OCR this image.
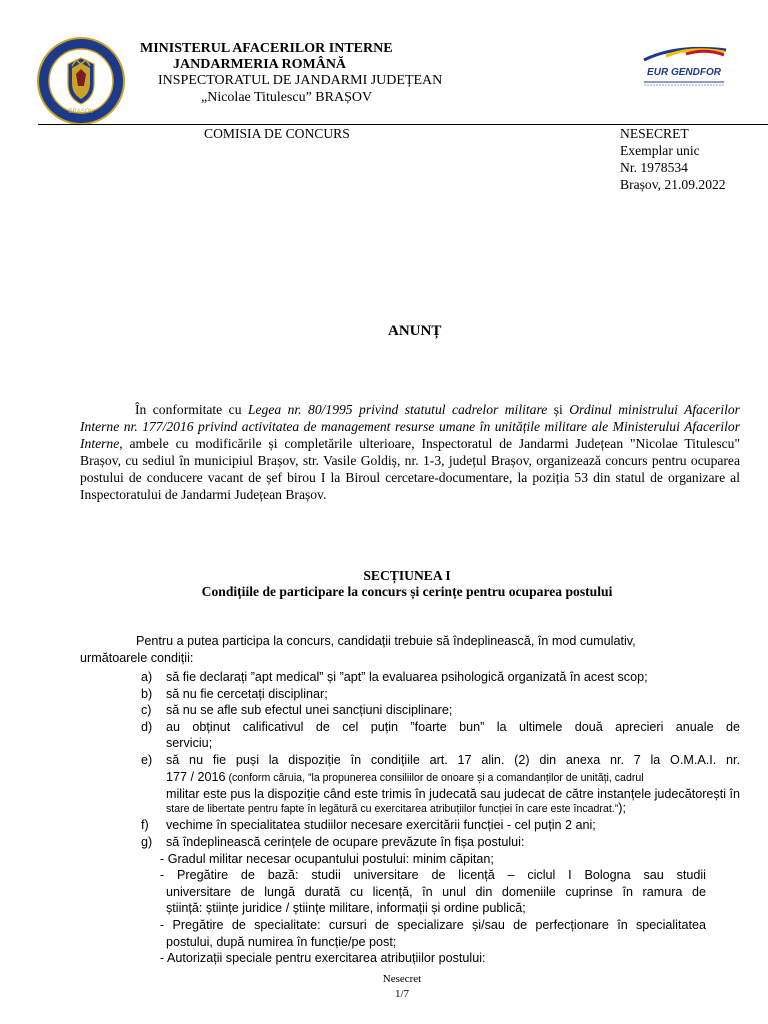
BRAȘOV
MINISTERUL AFACERILOR INTERNE
JANDARMERIA ROMÂNĂ
INSPECTORATUL DE JANDARMI JUDEȚEAN
„Nicolae Titulescu” BRAȘOV
EUR GENDFOR
COMISIA DE CONCURS	NESECRET
Exemplar unic
Nr. 1978534
Brașov, 21.09.2022
ANUNȚ
În conformitate cu Legea nr. 80/1995 privind statutul cadrelor militare și Ordinul ministrului Afacerilor Interne nr. 177/2016 privind activitatea de management resurse umane în unitățile militare ale Ministerului Afacerilor Interne, ambele cu modificările și completările ulterioare, Inspectoratul de Jandarmi Județean "Nicolae Titulescu" Brașov, cu sediul în municipiul Brașov, str. Vasile Goldiș, nr. 1-3, județul Brașov, organizează concurs pentru ocuparea postului de conducere vacant de șef birou I la Biroul cercetare-documentare, la poziția 53 din statul de organizare al Inspectoratului de Jandarmi Județean Brașov.
SECȚIUNEA I
Condițiile de participare la concurs și cerințe pentru ocuparea postului
Pentru a putea participa la concurs, candidații trebuie să îndeplinească, în mod cumulativ,
următoarele condiții:
a) să fie declarați ”apt medical” și ”apt” la evaluarea psihologică organizată în acest scop;
b) să nu fie cercetați disciplinar;
c) să nu se afle sub efectul unei sancțiuni disciplinare;
d) au obținut calificativul de cel puțin ”foarte bun” la ultimele două aprecieri anuale de
serviciu;
e) să nu fie puși la dispoziție în condițiile art. 17 alin. (2) din anexa nr. 7 la O.M.A.I. nr.
177 / 2016 (conform căruia, ”la propunerea consiliilor de onoare și a comandanților de unități, cadrul
militar este pus la dispoziție când este trimis în judecată sau judecat de către instanțele judecătorești în
stare de libertate pentru fapte în legătură cu exercitarea atribuțiilor funcției în care este încadrat.”);
f) vechime în specialitatea studiilor necesare exercitării funcției - cel puțin 2 ani;
g) să îndeplinească cerințele de ocupare prevăzute în fișa postului:
- Gradul militar necesar ocupantului postului: minim căpitan;
- Pregătire de bază: studii universitare de licență – ciclul I Bologna sau studii
universitare de lungă durată cu licență, în unul din domeniile cuprinse în ramura de
știință: științe juridice / științe militare, informații și ordine publică;
- Pregătire de specialitate: cursuri de specializare și/sau de perfecționare în specialitatea
postului, după numirea în funcție/pe post;
- Autorizații speciale pentru exercitarea atribuțiilor postului:
Nesecret
1/7
